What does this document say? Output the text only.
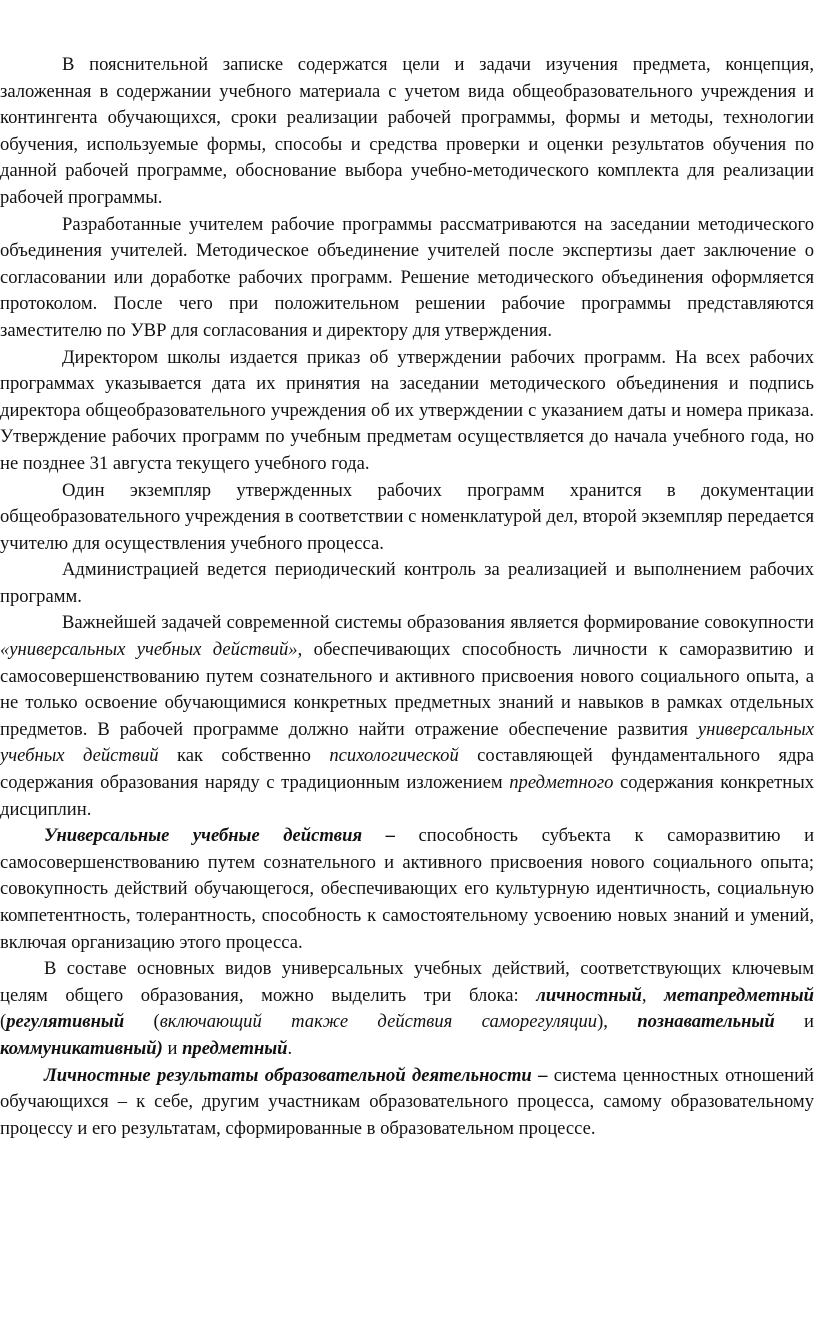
В пояснительной записке содержатся цели и задачи изучения предмета, концепция, заложенная в содержании учебного материала с учетом вида общеобразовательного учреждения и контингента обучающихся, сроки реализации рабочей программы, формы и методы, технологии обучения, используемые формы, способы и средства проверки и оценки результатов обучения по данной рабочей программе, обоснование выбора учебно-методического комплекта для реализации рабочей программы.

Разработанные учителем рабочие программы рассматриваются на заседании методического объединения учителей. Методическое объединение учителей после экспертизы дает заключение о согласовании или доработке рабочих программ. Решение методического объединения оформляется протоколом. После чего при положительном решении рабочие программы представляются заместителю по УВР для согласования и директору для утверждения.

Директором школы издается приказ об утверждении рабочих программ. На всех рабочих программах указывается дата их принятия на заседании методического объединения и подпись директора общеобразовательного учреждения об их утверждении с указанием даты и номера приказа. Утверждение рабочих программ по учебным предметам осуществляется до начала учебного года, но не позднее 31 августа текущего учебного года.

Один экземпляр утвержденных рабочих программ хранится в документации общеобразовательного учреждения в соответствии с номенклатурой дел, второй экземпляр передается учителю для осуществления учебного процесса.

Администрацией ведется периодический контроль за реализацией и выполнением рабочих программ.

Важнейшей задачей современной системы образования является формирование совокупности «универсальных учебных действий», обеспечивающих способность личности к саморазвитию и самосовершенствованию путем сознательного и активного присвоения нового социального опыта, а не только освоение обучающимися конкретных предметных знаний и навыков в рамках отдельных предметов. В рабочей программе должно найти отражение обеспечение развития универсальных учебных действий как собственно психологической составляющей фундаментального ядра содержания образования наряду с традиционным изложением предметного содержания конкретных дисциплин.

Универсальные учебные действия – способность субъекта к саморазвитию и самосовершенствованию путем сознательного и активного присвоения нового социального опыта; совокупность действий обучающегося, обеспечивающих его культурную идентичность, социальную компетентность, толерантность, способность к самостоятельному усвоению новых знаний и умений, включая организацию этого процесса.

В составе основных видов универсальных учебных действий, соответствующих ключевым целям общего образования, можно выделить три блока: личностный, метапредметный (регулятивный (включающий также действия саморегуляции), познавательный и коммуникативный) и предметный.

Личностные результаты образовательной деятельности – система ценностных отношений обучающихся – к себе, другим участникам образовательного процесса, самому образовательному процессу и его результатам, сформированные в образовательном процессе.
